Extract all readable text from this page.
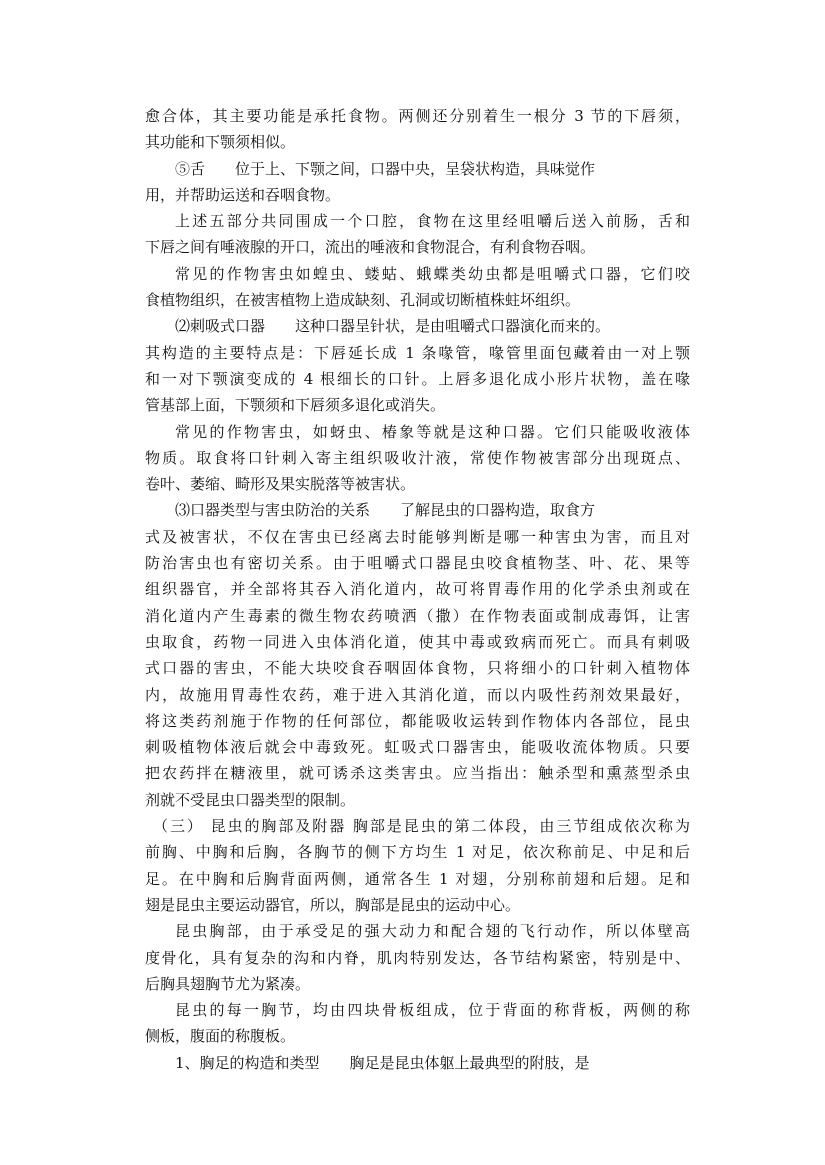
愈合体，其主要功能是承托食物。两侧还分别着生一根分 3 节的下唇须，
其功能和下颚须相似。
⑤舌　　位于上、下颚之间，口器中央，呈袋状构造，具味觉作
用，并帮助运送和吞咽食物。
上述五部分共同围成一个口腔，食物在这里经咀嚼后送入前肠，舌和
下唇之间有唾液腺的开口，流出的唾液和食物混合，有利食物吞咽。
常见的作物害虫如蝗虫、蝼蛄、蛾蝶类幼虫都是咀嚼式口器，它们咬
食植物组织，在被害植物上造成缺刻、孔洞或切断植株蛀坏组织。
⑵刺吸式口器　　这种口器呈针状，是由咀嚼式口器演化而来的。
其构造的主要特点是：下唇延长成 1 条喙管，喙管里面包藏着由一对上颚
和一对下颚演变成的 4 根细长的口针。上唇多退化成小形片状物，盖在喙
管基部上面，下颚须和下唇须多退化或消失。
常见的作物害虫，如蚜虫、椿象等就是这种口器。它们只能吸收液体
物质。取食将口针刺入寄主组织吸收汁液，常使作物被害部分出现斑点、
卷叶、萎缩、畸形及果实脱落等被害状。
⑶口器类型与害虫防治的关系　　了解昆虫的口器构造，取食方
式及被害状，不仅在害虫已经离去时能够判断是哪一种害虫为害，而且对
防治害虫也有密切关系。由于咀嚼式口器昆虫咬食植物茎、叶、花、果等
组织器官，并全部将其吞入消化道内，故可将胃毒作用的化学杀虫剂或在
消化道内产生毒素的微生物农药喷洒（撒）在作物表面或制成毒饵，让害
虫取食，药物一同进入虫体消化道，使其中毒或致病而死亡。而具有刺吸
式口器的害虫，不能大块咬食吞咽固体食物，只将细小的口针刺入植物体
内，故施用胃毒性农药，难于进入其消化道，而以内吸性药剂效果最好，
将这类药剂施于作物的任何部位，都能吸收运转到作物体内各部位，昆虫
刺吸植物体液后就会中毒致死。虹吸式口器害虫，能吸收流体物质。只要
把农药拌在糖液里，就可诱杀这类害虫。应当指出：触杀型和熏蒸型杀虫
剂就不受昆虫口器类型的限制。
（三） 昆虫的胸部及附器 胸部是昆虫的第二体段，由三节组成依次称为
前胸、中胸和后胸，各胸节的侧下方均生 1 对足，依次称前足、中足和后
足。在中胸和后胸背面两侧，通常各生 1 对翅，分别称前翅和后翅。足和
翅是昆虫主要运动器官，所以，胸部是昆虫的运动中心。
昆虫胸部，由于承受足的强大动力和配合翅的飞行动作，所以体壁高
度骨化，具有复杂的沟和内脊，肌肉特别发达，各节结构紧密，特别是中、
后胸具翅胸节尤为紧凑。
昆虫的每一胸节，均由四块骨板组成，位于背面的称背板，两侧的称
侧板，腹面的称腹板。
1、胸足的构造和类型　　胸足是昆虫体躯上最典型的附肢，是
